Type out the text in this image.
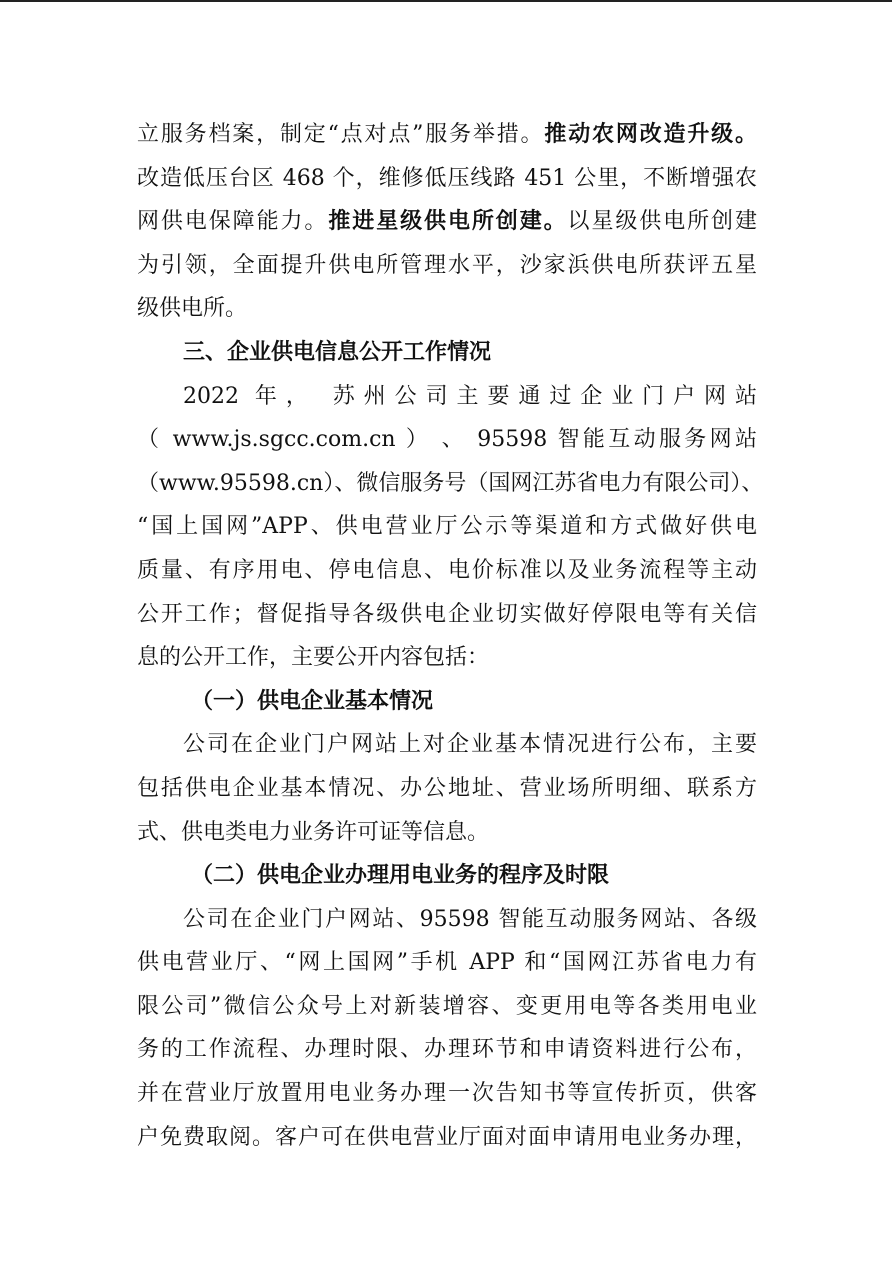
立服务档案，制定“点对点”服务举措。推动农网改造升级。
改造低压台区 468 个，维修低压线路 451 公里，不断增强农
网供电保障能力。推进星级供电所创建。以星级供电所创建
为引领，全面提升供电所管理水平，沙家浜供电所获评五星
级供电所。
三、企业供电信息公开工作情况
2022 年， 苏州公司主要通过企业门户网站
（ www.js.sgcc.com.cn ） 、 95598 智能互动服务网站
（www.95598.cn）、微信服务号（国网江苏省电力有限公司）、
“国上国网”APP、供电营业厅公示等渠道和方式做好供电
质量、有序用电、停电信息、电价标准以及业务流程等主动
公开工作；督促指导各级供电企业切实做好停限电等有关信
息的公开工作，主要公开内容包括：
（一）供电企业基本情况
公司在企业门户网站上对企业基本情况进行公布，主要
包括供电企业基本情况、办公地址、营业场所明细、联系方
式、供电类电力业务许可证等信息。
（二）供电企业办理用电业务的程序及时限
公司在企业门户网站、95598 智能互动服务网站、各级
供电营业厅、“网上国网”手机 APP 和“国网江苏省电力有
限公司”微信公众号上对新装增容、变更用电等各类用电业
务的工作流程、办理时限、办理环节和申请资料进行公布，
并在营业厅放置用电业务办理一次告知书等宣传折页，供客
户免费取阅。客户可在供电营业厅面对面申请用电业务办理，
